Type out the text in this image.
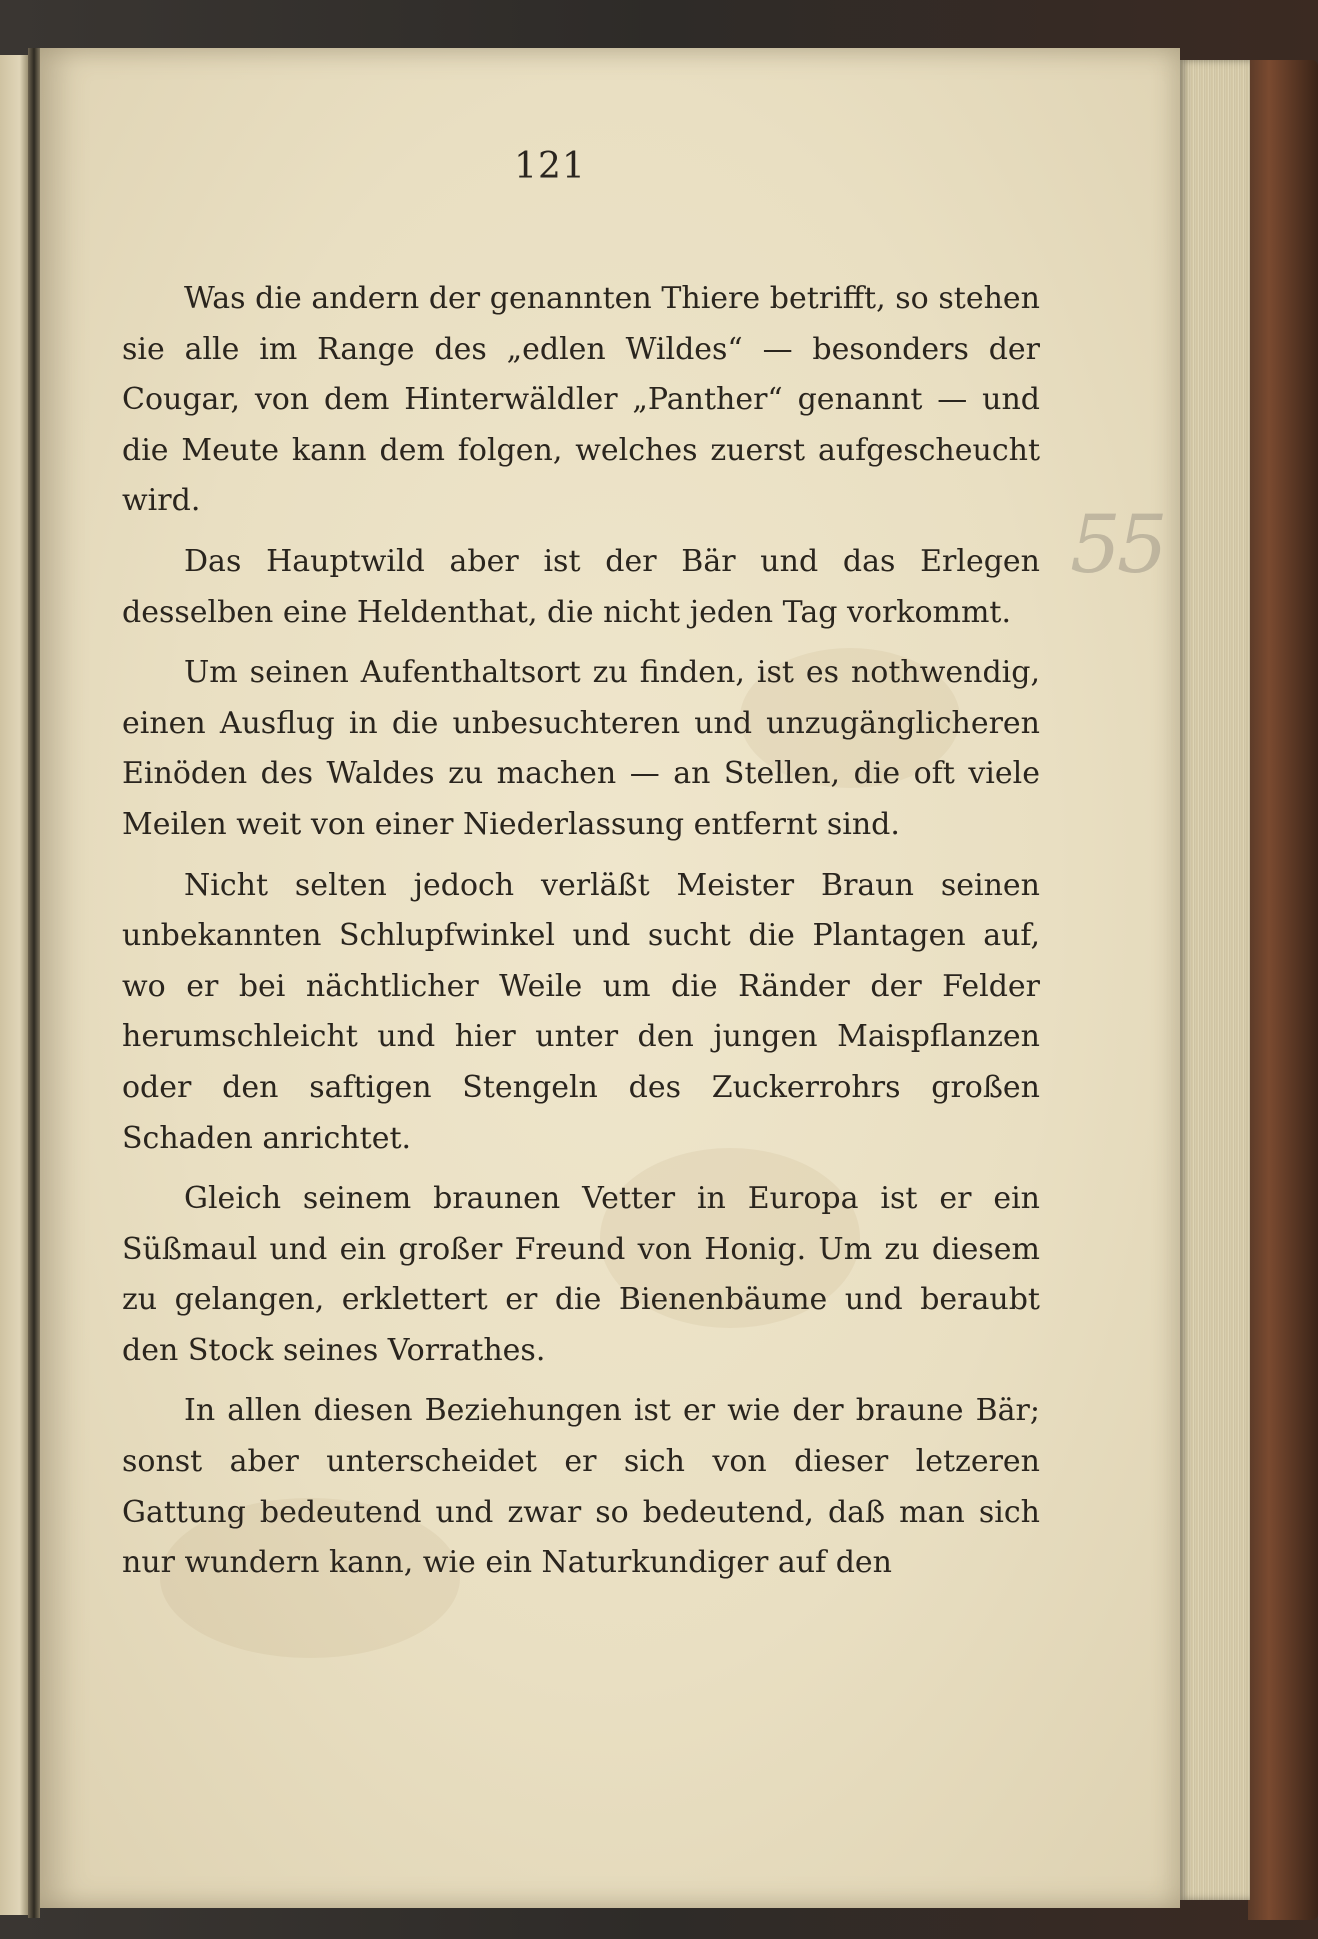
121
55

Was die andern der genannten Thiere betrifft, so stehen sie alle im Range des „edlen Wildes“ — besonders der Cougar, von dem Hinterwäldler „Panther“ genannt — und die Meute kann dem folgen, welches zuerst aufgescheucht wird.

Das Hauptwild aber ist der Bär und das Erlegen desselben eine Heldenthat, die nicht jeden Tag vorkommt.

Um seinen Aufenthaltsort zu finden, ist es nothwendig, einen Ausflug in die unbesuchteren und unzugänglicheren Einöden des Waldes zu machen — an Stellen, die oft viele Meilen weit von einer Niederlassung entfernt sind.

Nicht selten jedoch verläßt Meister Braun seinen unbekannten Schlupfwinkel und sucht die Plantagen auf, wo er bei nächtlicher Weile um die Ränder der Felder herumschleicht und hier unter den jungen Maispflanzen oder den saftigen Stengeln des Zuckerrohrs großen Schaden anrichtet.

Gleich seinem braunen Vetter in Europa ist er ein Süßmaul und ein großer Freund von Honig. Um zu diesem zu gelangen, erklettert er die Bienenbäume und beraubt den Stock seines Vorrathes.

In allen diesen Beziehungen ist er wie der braune Bär; sonst aber unterscheidet er sich von dieser letzeren Gattung bedeutend und zwar so bedeutend, daß man sich nur wundern kann, wie ein Naturkundiger auf den
